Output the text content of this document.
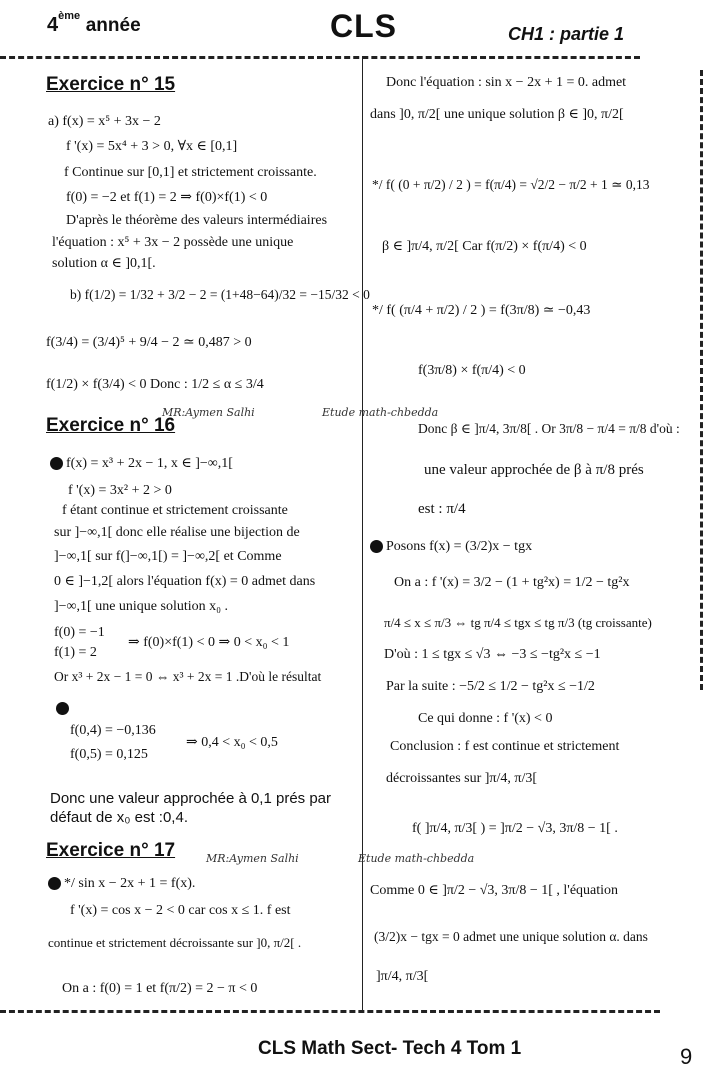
4ème année	CLS	CH1 : partie 1
Exercice n° 15
a) f(x) = x⁵ + 3x − 2
f '(x) = 5x⁴ + 3 > 0, ∀x ∈ [0,1]
f Continue sur [0,1] et strictement croissante.
f(0) = −2 et f(1) = 2 ⇒ f(0)×f(1) < 0
D'après le théorème des valeurs intermédiaires
l'équation : x⁵ + 3x − 2 possède une unique
solution α ∈ ]0,1[.
b) f(1/2) = 1/32 + 3/2 − 2 = (1+48−64)/32 = −15/32 < 0
f(3/4) = (3/4)⁵ + 9/4 − 2 ≃ 0,487 > 0
f(1/2) × f(3/4) < 0 Donc : 1/2 ≤ α ≤ 3/4
Exercice n° 16
MR:Aymen Salhi	Etude math-chbedda
f(x) = x³ + 2x − 1, x ∈ ]−∞,1[
f '(x) = 3x² + 2 > 0
f étant continue et strictement croissante
sur ]−∞,1[ donc elle réalise une bijection de
]−∞,1[ sur f(]−∞,1[) = ]−∞,2[ et Comme
0 ∈ ]−1,2[ alors l'équation f(x) = 0 admet dans
]−∞,1[ une unique solution x₀ .
f(0) = −1
f(1) = 2
⇒ f(0)×f(1) < 0 ⇒ 0 < x₀ < 1
Or x³ + 2x − 1 = 0 ⇔ x³ + 2x = 1 .D'où le résultat
f(0,4) = −0,136
f(0,5) = 0,125
⇒ 0,4 < x₀ < 0,5
Donc une valeur approchée à 0,1 prés par
défaut de x₀ est :0,4.
Exercice n° 17	MR:Aymen Salhi	Etude math-chbedda
*/ sin x − 2x + 1 = f(x).
f '(x) = cos x − 2 < 0 car cos x ≤ 1. f est
continue et strictement décroissante sur ]0, π/2[ .
On a : f(0) = 1 et f(π/2) = 2 − π < 0
Donc l'équation : sin x − 2x + 1 = 0. admet
dans ]0, π/2[ une unique solution β ∈ ]0, π/2[
*/ f( (0 + π/2) / 2 ) = f(π/4) = √2/2 − π/2 + 1 ≃ 0,13
β ∈ ]π/4, π/2[ Car f(π/2) × f(π/4) < 0
*/ f( (π/4 + π/2) / 2 ) = f(3π/8) ≃ −0,43
f(3π/8) × f(π/4) < 0
Donc β ∈ ]π/4, 3π/8[ . Or 3π/8 − π/4 = π/8 d'où :
une valeur approchée de β à π/8 prés
est : π/4
Posons f(x) = (3/2)x − tgx
On a : f '(x) = 3/2 − (1 + tg²x) = 1/2 − tg²x
π/4 ≤ x ≤ π/3 ⇔ tg π/4 ≤ tgx ≤ tg π/3 (tg croissante)
D'où : 1 ≤ tgx ≤ √3 ⇔ −3 ≤ −tg²x ≤ −1
Par la suite : −5/2 ≤ 1/2 − tg²x ≤ −1/2
Ce qui donne : f '(x) < 0
Conclusion : f est continue et strictement
décroissantes sur ]π/4, π/3[
f( ]π/4, π/3[ ) = ]π/2 − √3, 3π/8 − 1[ .
Comme 0 ∈ ]π/2 − √3, 3π/8 − 1[ , l'équation
(3/2)x − tgx = 0 admet une unique solution α. dans
]π/4, π/3[
CLS Math Sect- Tech 4 Tom 1	9
